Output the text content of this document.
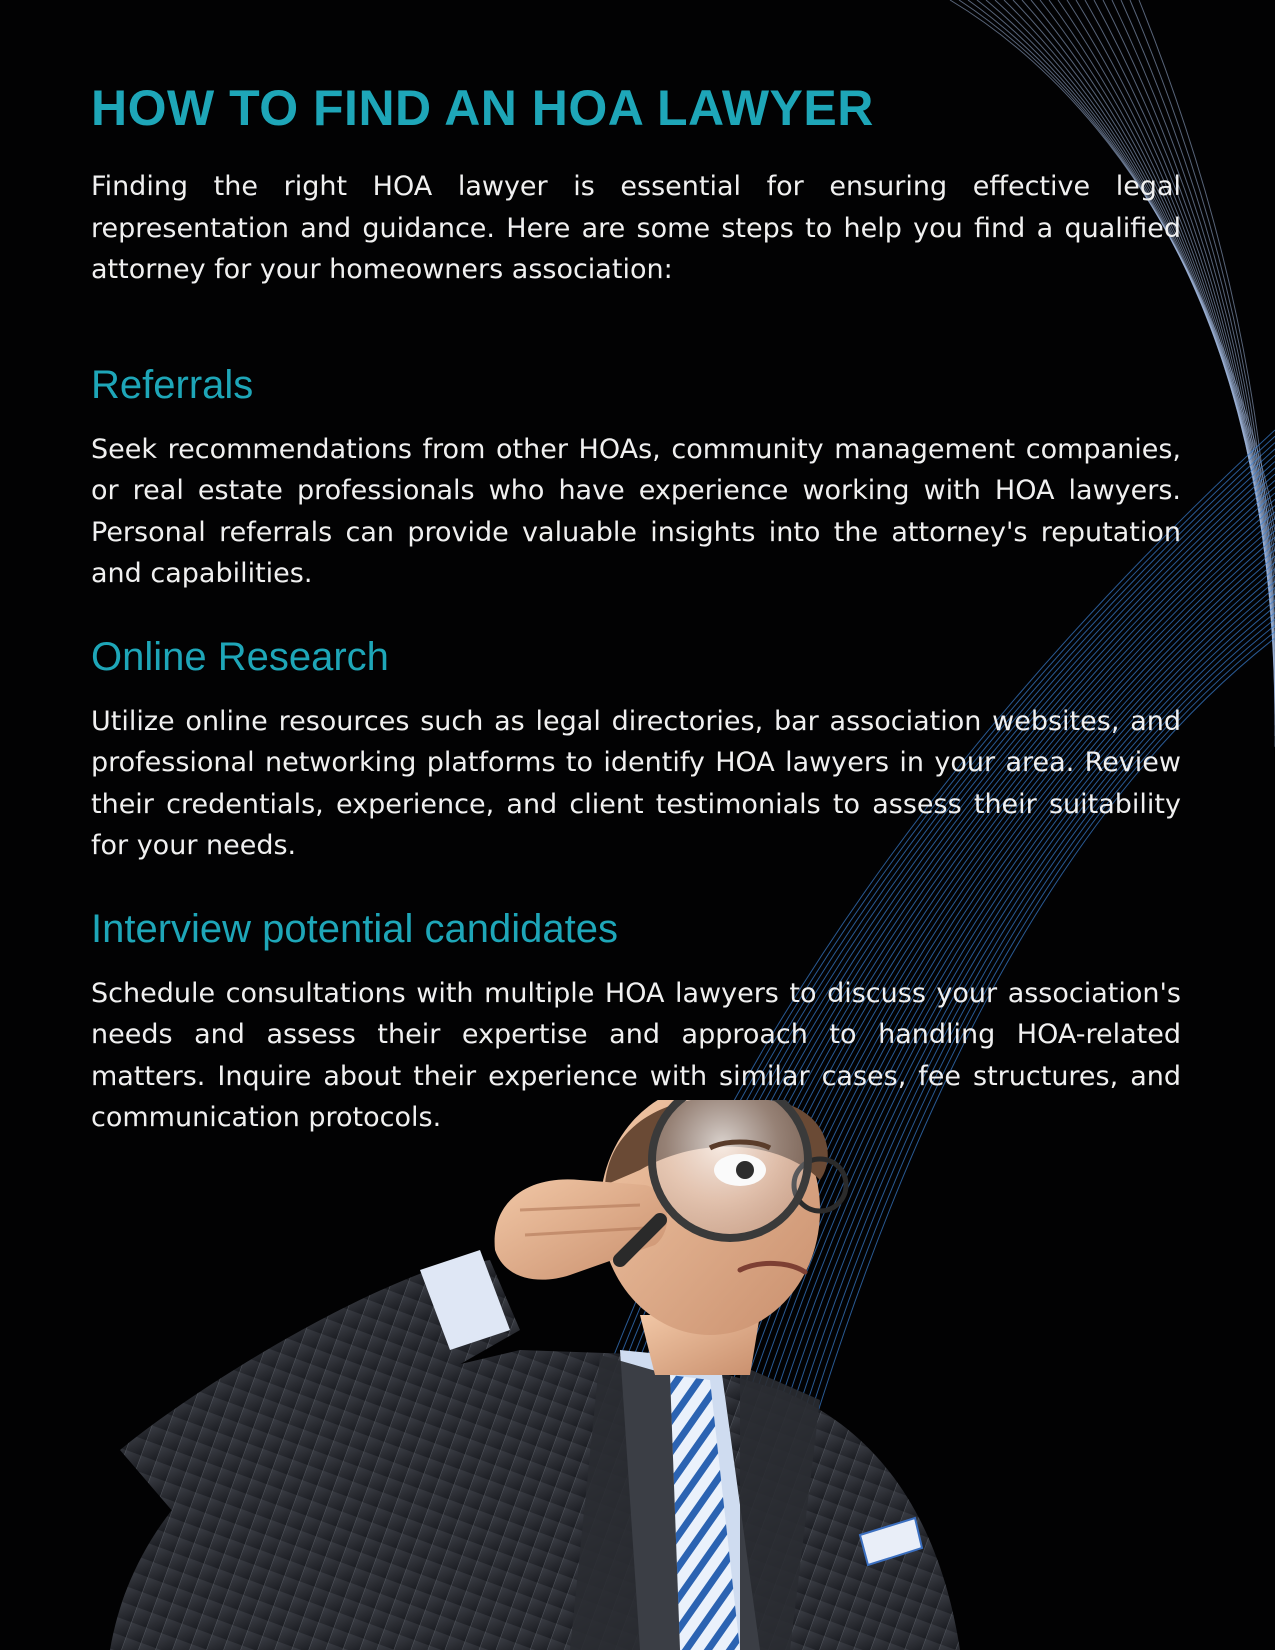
HOW TO FIND AN HOA LAWYER

Finding the right HOA lawyer is essential for ensuring effective legal representation and guidance. Here are some steps to help you find a qualified attorney for your homeowners association:

Referrals

Seek recommendations from other HOAs, community management companies, or real estate professionals who have experience working with HOA lawyers. Personal referrals can provide valuable insights into the attorney's reputation and capabilities.

Online Research

Utilize online resources such as legal directories, bar association websites, and professional networking platforms to identify HOA lawyers in your area. Review their credentials, experience, and client testimonials to assess their suitability for your needs.

Interview potential candidates

Schedule consultations with multiple HOA lawyers to discuss your association's needs and assess their expertise and approach to handling HOA-related matters. Inquire about their experience with similar cases, fee structures, and communication protocols.
